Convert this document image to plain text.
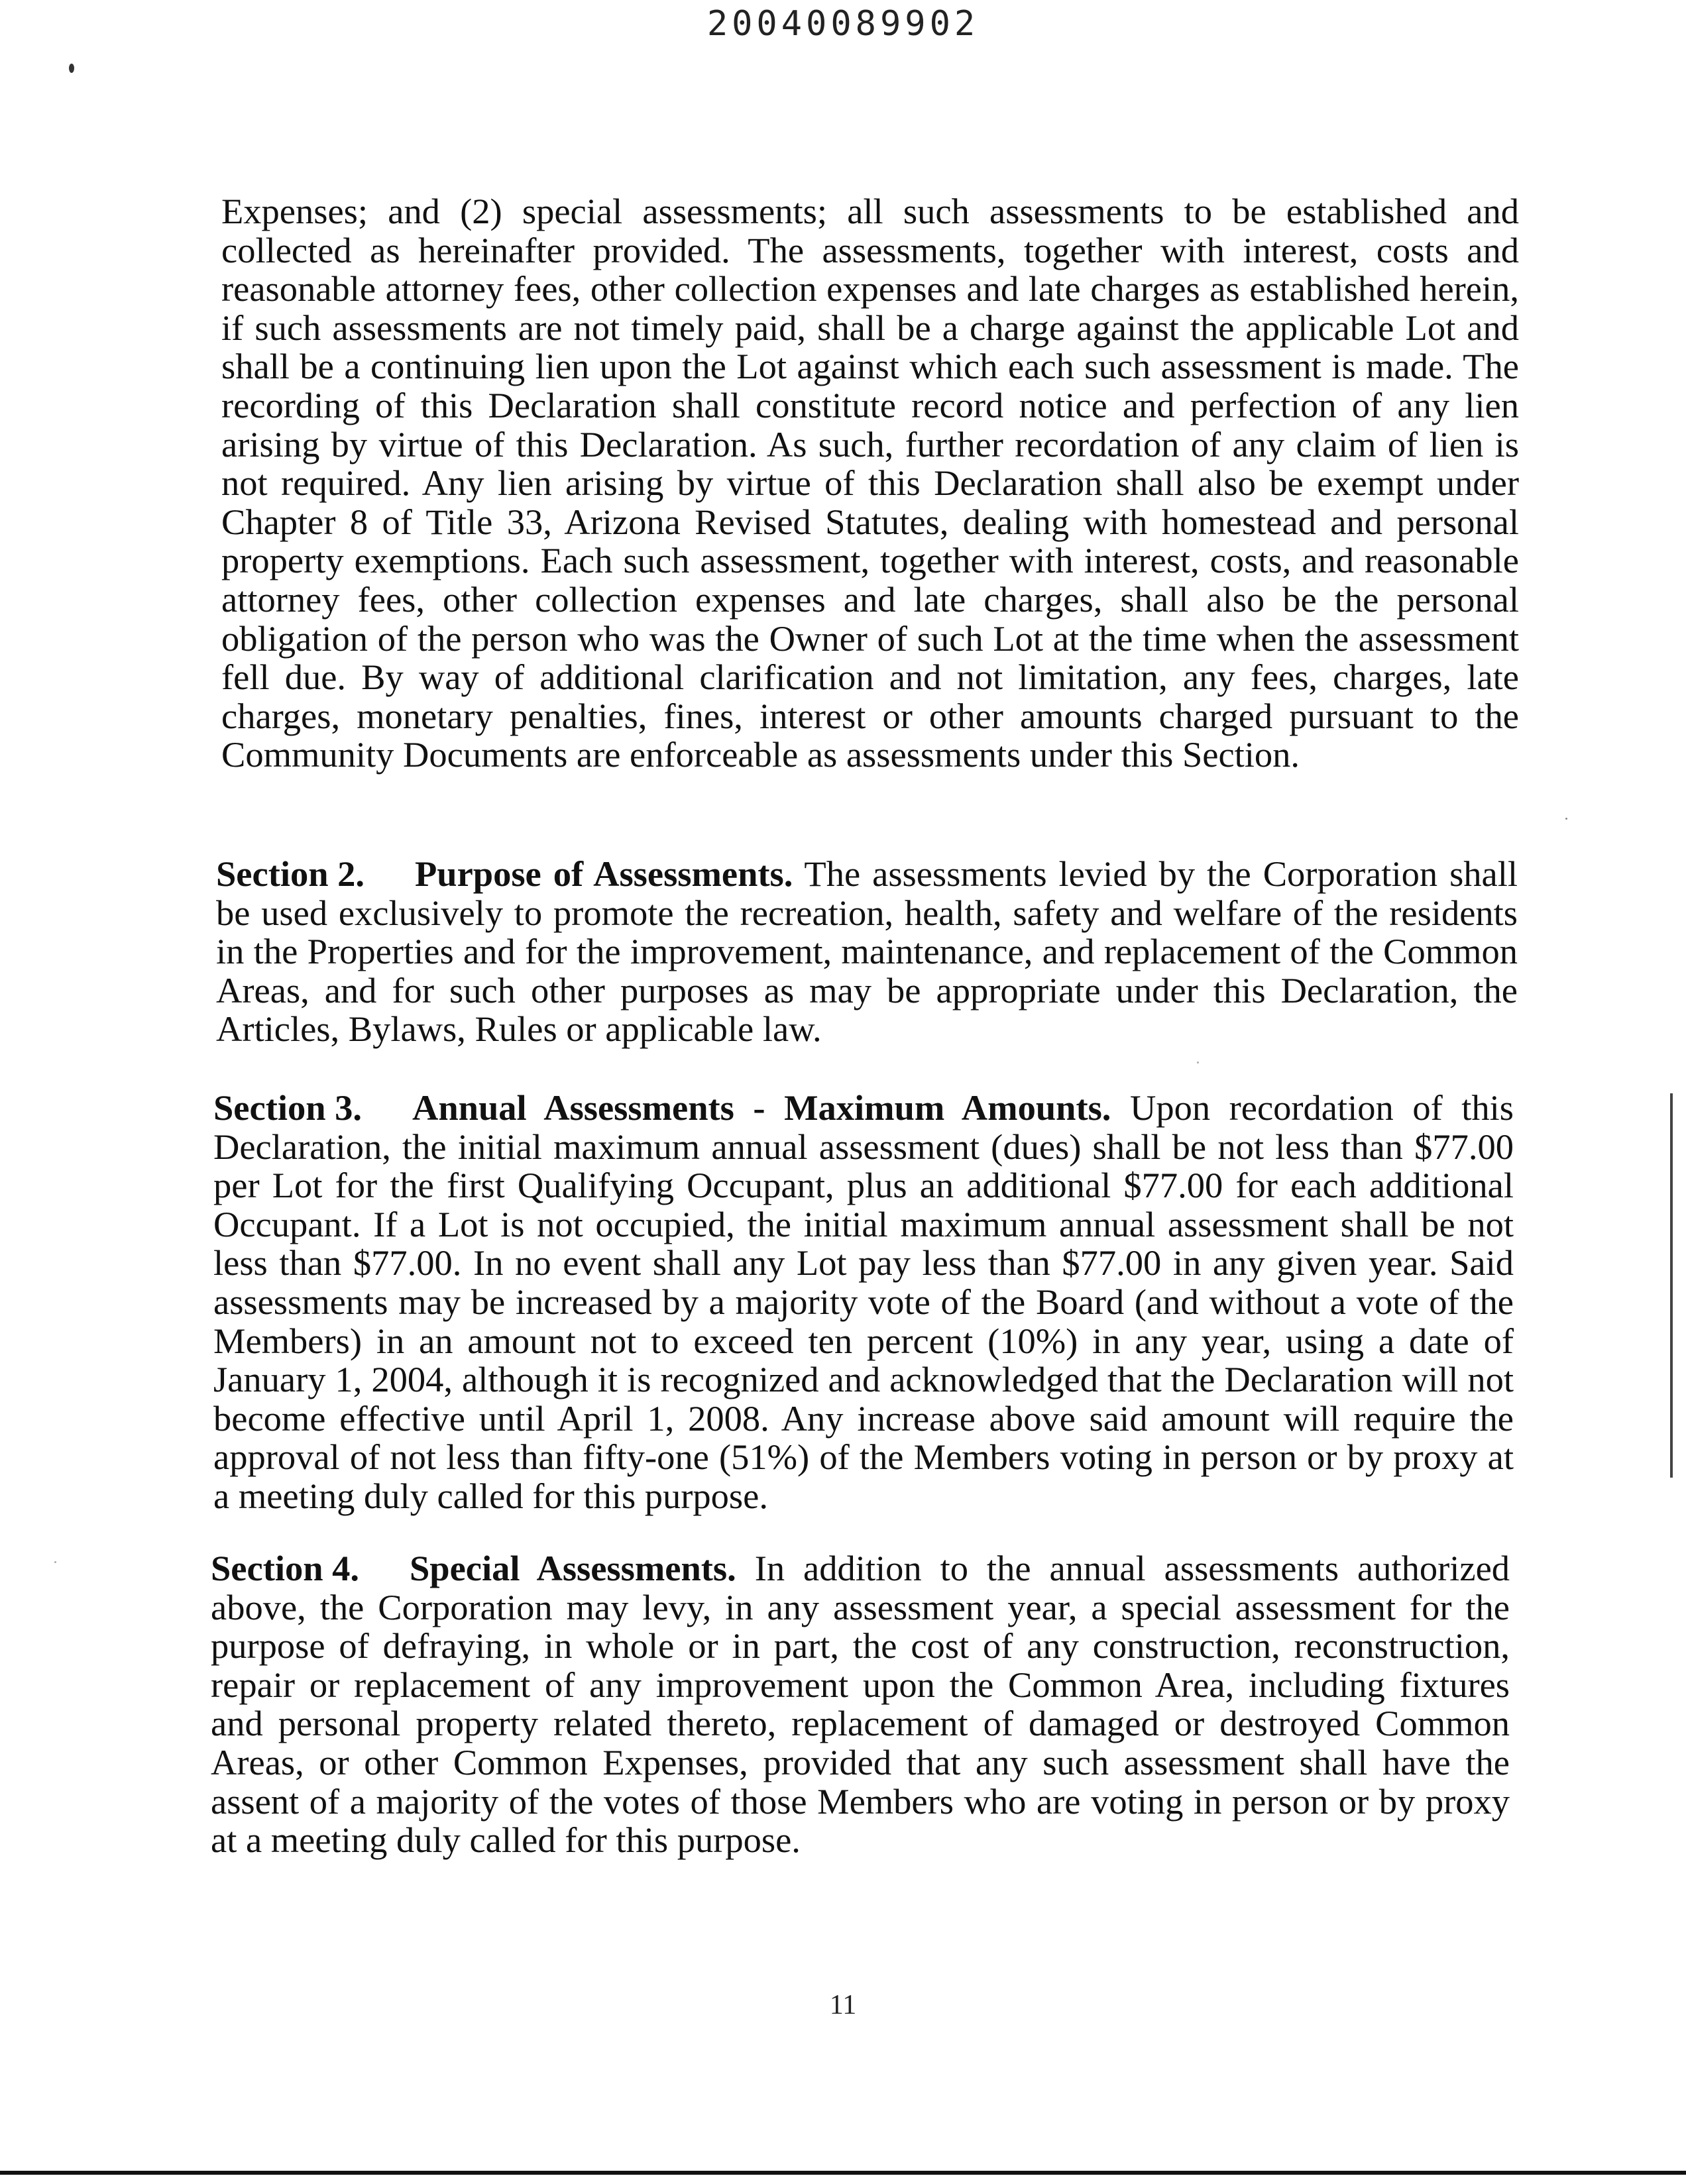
20040089902

Expenses; and (2) special assessments; all such assessments to be established and collected as hereinafter provided. The assessments, together with interest, costs and reasonable attorney fees, other collection expenses and late charges as established herein, if such assessments are not timely paid, shall be a charge against the applicable Lot and shall be a continuing lien upon the Lot against which each such assessment is made. The recording of this Declaration shall constitute record notice and perfection of any lien arising by virtue of this Declaration. As such, further recordation of any claim of lien is not required. Any lien arising by virtue of this Declaration shall also be exempt under Chapter 8 of Title 33, Arizona Revised Statutes, dealing with homestead and personal property exemptions. Each such assessment, together with interest, costs, and reasonable attorney fees, other collection expenses and late charges, shall also be the personal obligation of the person who was the Owner of such Lot at the time when the assessment fell due. By way of additional clarification and not limitation, any fees, charges, late charges, monetary penalties, fines, interest or other amounts charged pursuant to the Community Documents are enforceable as assessments under this Section.

Section 2. Purpose of Assessments. The assessments levied by the Corporation shall be used exclusively to promote the recreation, health, safety and welfare of the residents in the Properties and for the improvement, maintenance, and replacement of the Common Areas, and for such other purposes as may be appropriate under this Declaration, the Articles, Bylaws, Rules or applicable law.

Section 3. Annual Assessments - Maximum Amounts. Upon recordation of this Declaration, the initial maximum annual assessment (dues) shall be not less than $77.00 per Lot for the first Qualifying Occupant, plus an additional $77.00 for each additional Occupant. If a Lot is not occupied, the initial maximum annual assessment shall be not less than $77.00. In no event shall any Lot pay less than $77.00 in any given year. Said assessments may be increased by a majority vote of the Board (and without a vote of the Members) in an amount not to exceed ten percent (10%) in any year, using a date of January 1, 2004, although it is recognized and acknowledged that the Declaration will not become effective until April 1, 2008. Any increase above said amount will require the approval of not less than fifty-one (51%) of the Members voting in person or by proxy at a meeting duly called for this purpose.

Section 4. Special Assessments. In addition to the annual assessments authorized above, the Corporation may levy, in any assessment year, a special assessment for the purpose of defraying, in whole or in part, the cost of any construction, reconstruction, repair or replacement of any improvement upon the Common Area, including fixtures and personal property related thereto, replacement of damaged or destroyed Common Areas, or other Common Expenses, provided that any such assessment shall have the assent of a majority of the votes of those Members who are voting in person or by proxy at a meeting duly called for this purpose.

11
